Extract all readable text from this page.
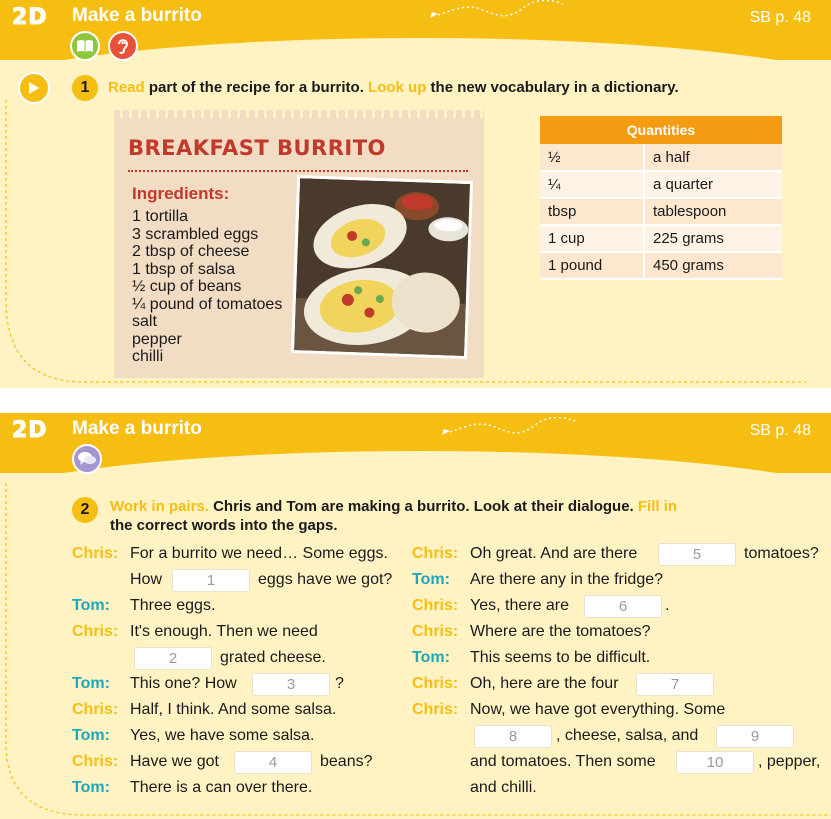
2D Make a burrito	SB p. 48
1	Read part of the recipe for a burrito. Look up the new vocabulary in a dictionary.
BREAKFAST BURRITO
Ingredients:
1 tortilla
3 scrambled eggs
2 tbsp of cheese
1 tbsp of salsa
½ cup of beans
¼ pound of tomatoes
salt
pepper
chilli
Quantities	
½	a half
¼	a quarter
tbsp	tablespoon
1 cup	225 grams
1 pound	450 grams
2D Make a burrito	SB p. 48
2	Work in pairs. Chris and Tom are making a burrito. Look at their dialogue. Fill in
the correct words into the gaps.
Chris: For a burrito we need… Some eggs.
How	1	eggs have we got?
Tom: Three eggs.
Chris: It's enough. Then we need
2	grated cheese.
Tom: This one? How	3	?
Chris: Half, I think. And some salsa.
Tom: Yes, we have some salsa.
Chris: Have we got	4	beans?
Tom: There is a can over there.
Chris: Oh great. And are there	5	tomatoes?
Tom: Are there any in the fridge?
Chris: Yes, there are	6	.
Chris: Where are the tomatoes?
Tom: This seems to be difficult.
Chris: Oh, here are the four	7
Chris: Now, we have got everything. Some
8	, cheese, salsa, and	9
and tomatoes. Then some	10	, pepper,
and chilli.
